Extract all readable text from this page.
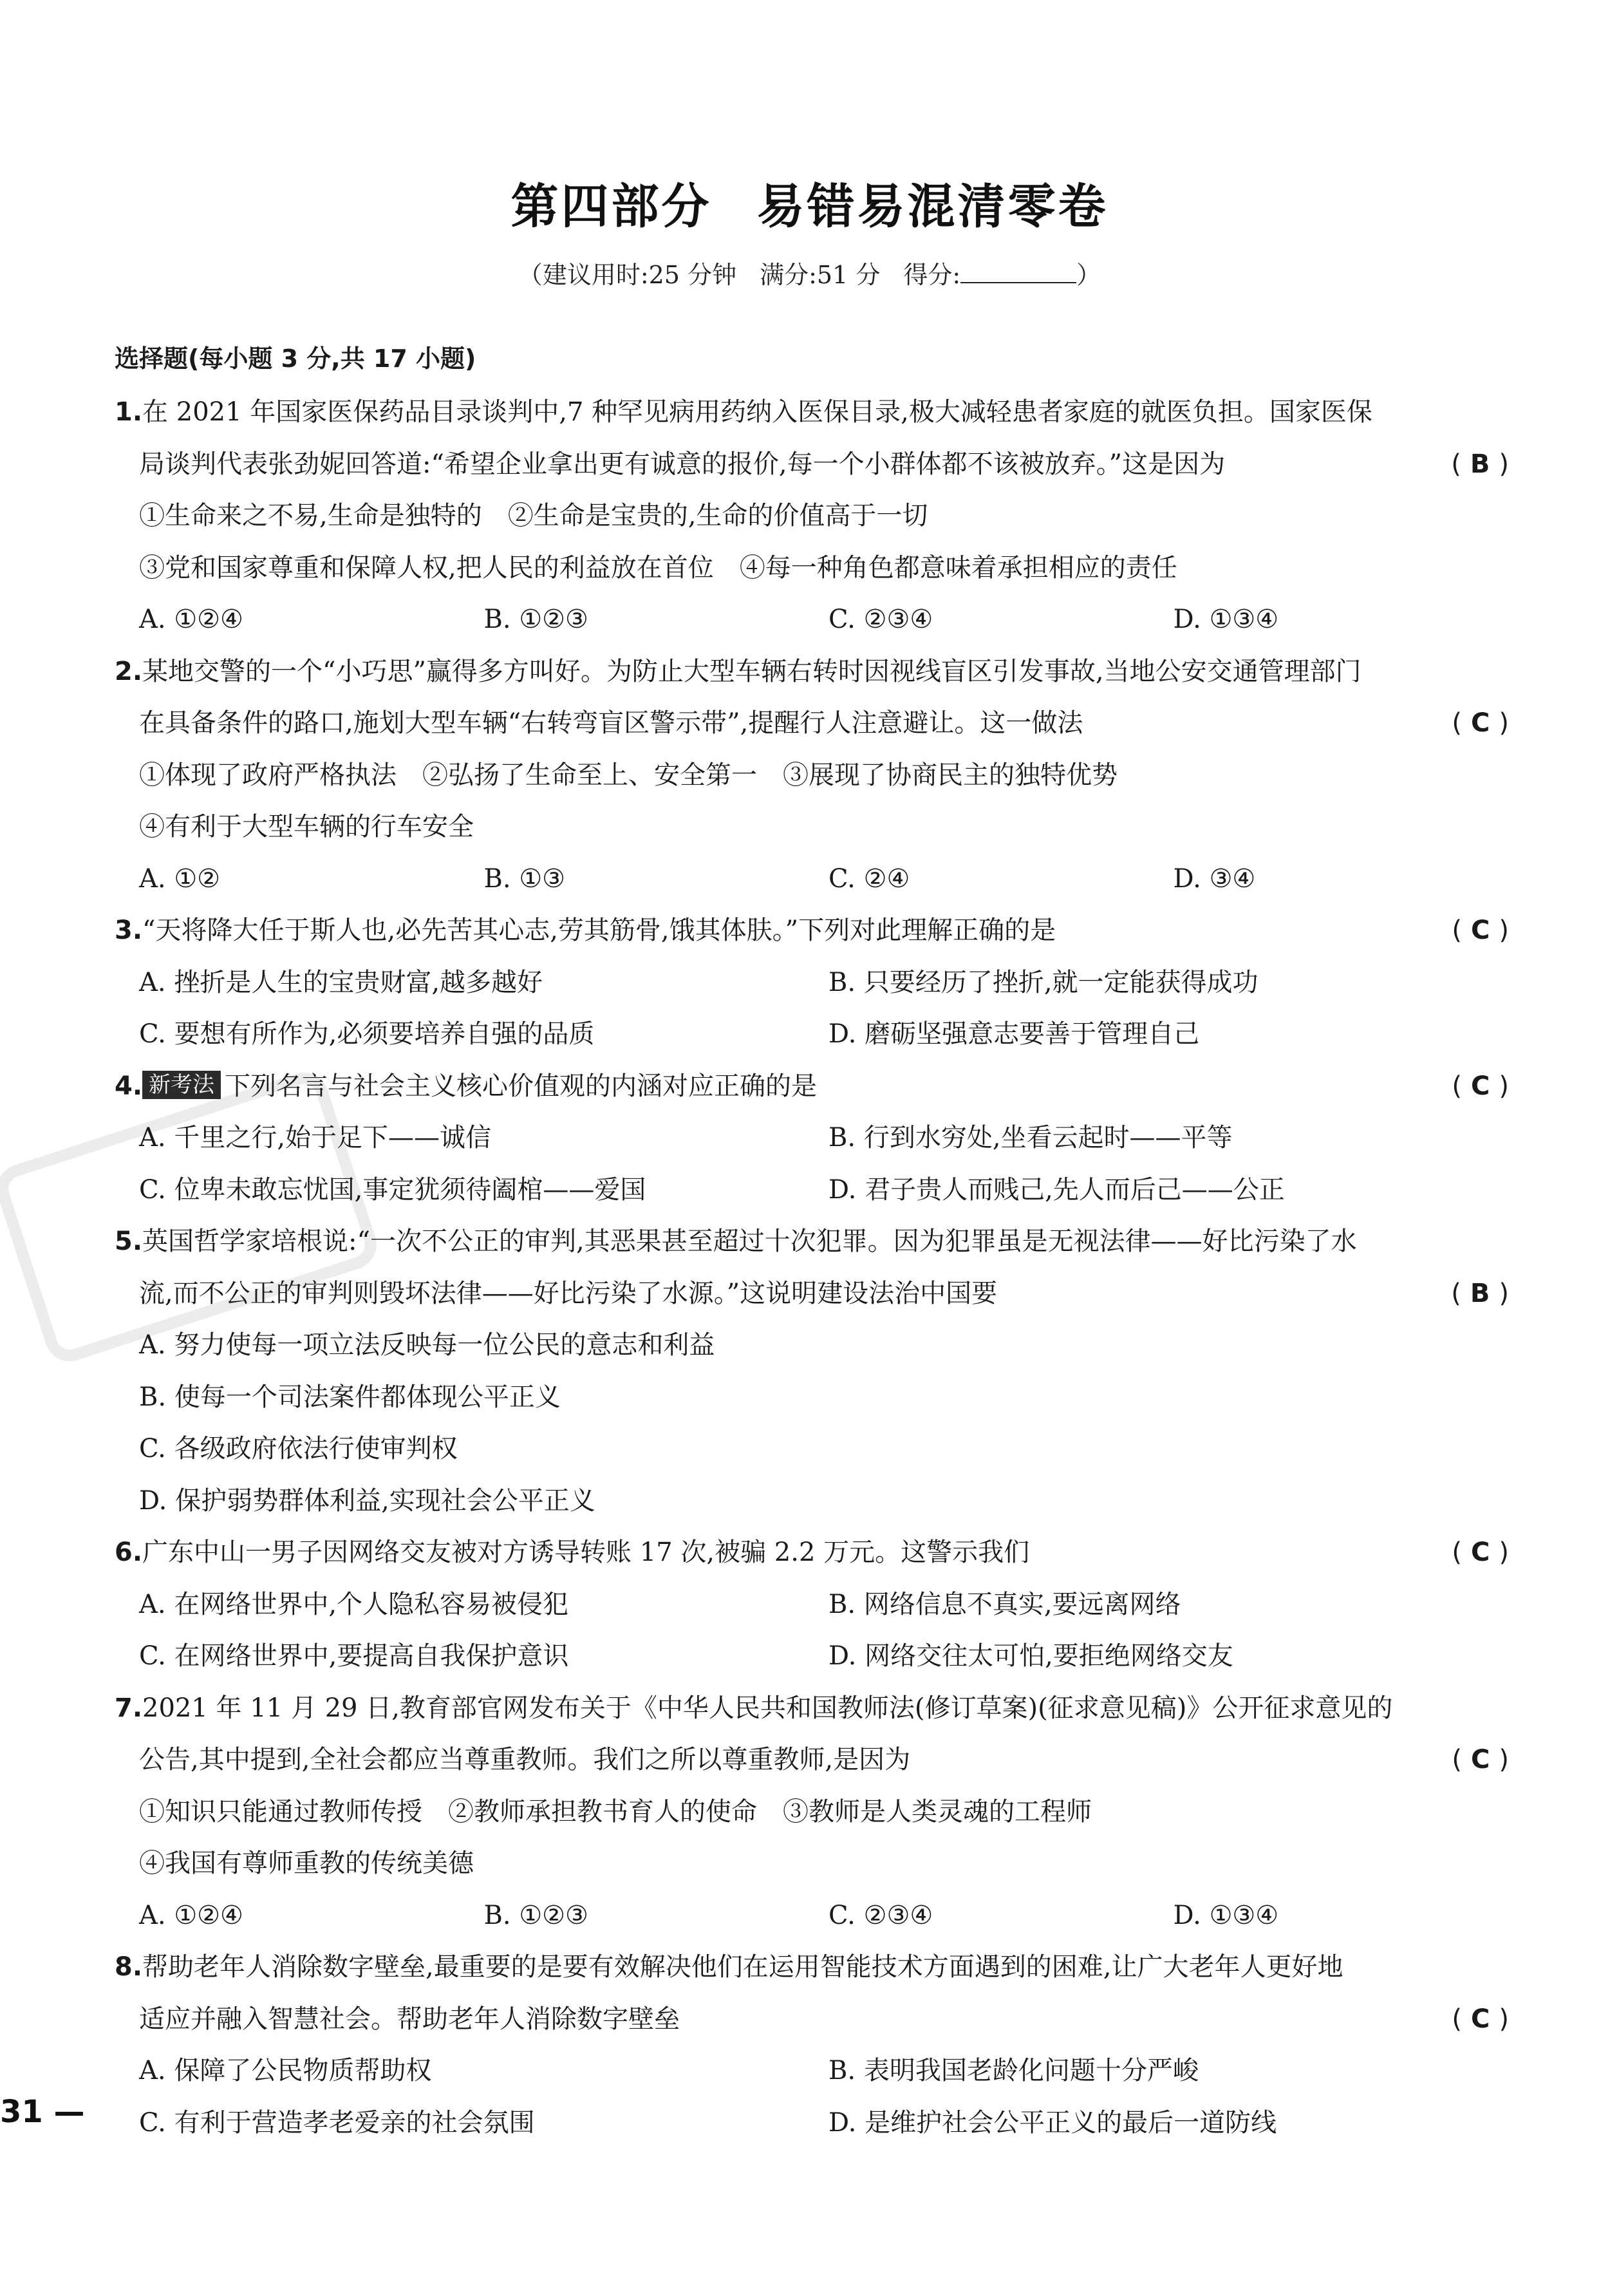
第四部分 易错易混清零卷
（建议用时:25 分钟 满分:51 分 得分:	）
选择题(每小题 3 分,共 17 小题)
1.在 2021 年国家医保药品目录谈判中,7 种罕见病用药纳入医保目录,极大减轻患者家庭的就医负担。国家医保
局谈判代表张劲妮回答道:“希望企业拿出更有诚意的报价,每一个小群体都不该被放弃。”这是因为	(B)
①生命来之不易,生命是独特的　②生命是宝贵的,生命的价值高于一切
③党和国家尊重和保障人权,把人民的利益放在首位　④每一种角色都意味着承担相应的责任
A. ①②④	B. ①②③	C. ②③④	D. ①③④
2.某地交警的一个“小巧思”赢得多方叫好。为防止大型车辆右转时因视线盲区引发事故,当地公安交通管理部门
在具备条件的路口,施划大型车辆“右转弯盲区警示带”,提醒行人注意避让。这一做法	(C)
①体现了政府严格执法　②弘扬了生命至上、安全第一　③展现了协商民主的独特优势
④有利于大型车辆的行车安全
A. ①②	B. ①③	C. ②④	D. ③④
3.“天将降大任于斯人也,必先苦其心志,劳其筋骨,饿其体肤。”下列对此理解正确的是	(C)
A. 挫折是人生的宝贵财富,越多越好	B. 只要经历了挫折,就一定能获得成功
C. 要想有所作为,必须要培养自强的品质	D. 磨砺坚强意志要善于管理自己
4. 新考法 下列名言与社会主义核心价值观的内涵对应正确的是	(C)
A. 千里之行,始于足下——诚信	B. 行到水穷处,坐看云起时——平等
C. 位卑未敢忘忧国,事定犹须待阖棺——爱国	D. 君子贵人而贱己,先人而后己——公正
5.英国哲学家培根说:“一次不公正的审判,其恶果甚至超过十次犯罪。因为犯罪虽是无视法律——好比污染了水
流,而不公正的审判则毁坏法律——好比污染了水源。”这说明建设法治中国要	(B)
A. 努力使每一项立法反映每一位公民的意志和利益
B. 使每一个司法案件都体现公平正义
C. 各级政府依法行使审判权
D. 保护弱势群体利益,实现社会公平正义
6.广东中山一男子因网络交友被对方诱导转账 17 次,被骗 2.2 万元。这警示我们	(C)
A. 在网络世界中,个人隐私容易被侵犯	B. 网络信息不真实,要远离网络
C. 在网络世界中,要提高自我保护意识	D. 网络交往太可怕,要拒绝网络交友
7.2021 年 11 月 29 日,教育部官网发布关于《中华人民共和国教师法(修订草案)(征求意见稿)》公开征求意见的
公告,其中提到,全社会都应当尊重教师。我们之所以尊重教师,是因为	(C)
①知识只能通过教师传授　②教师承担教书育人的使命　③教师是人类灵魂的工程师
④我国有尊师重教的传统美德
A. ①②④	B. ①②③	C. ②③④	D. ①③④
8.帮助老年人消除数字壁垒,最重要的是要有效解决他们在运用智能技术方面遇到的困难,让广大老年人更好地
适应并融入智慧社会。帮助老年人消除数字壁垒	(C)
A. 保障了公民物质帮助权	B. 表明我国老龄化问题十分严峻
C. 有利于营造孝老爱亲的社会氛围	D. 是维护社会公平正义的最后一道防线
31 —
